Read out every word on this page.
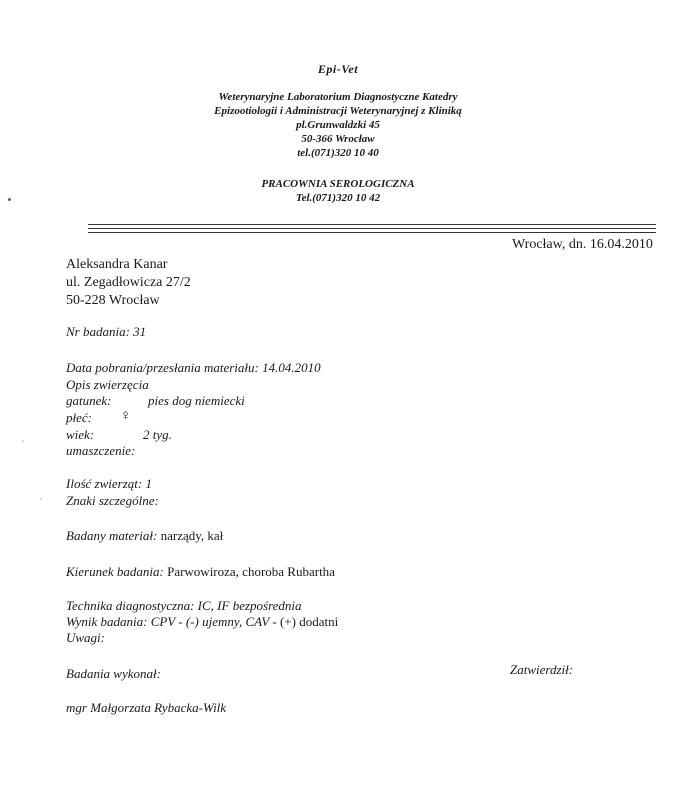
Epi-Vet
Weterynaryjne Laboratorium Diagnostyczne Katedry
Epizootiologii i Administracji Weterynaryjnej z Kliniką
pl.Grunwaldzki 45
50-366 Wrocław
tel.(071)320 10 40
PRACOWNIA SEROLOGICZNA
Tel.(071)320 10 42
Wrocław, dn. 16.04.2010
Aleksandra Kanar
ul. Zegadłowicza 27/2
50-228 Wrocław
Nr badania: 31
Data pobrania/przesłania materiału: 14.04.2010
Opis zwierzęcia
gatunek:	pies dog niemiecki
płeć: ♀
wiek:	2 tyg.
umaszczenie:
Ilość zwierząt: 1
Znaki szczególne:
Badany materiał: narządy, kał
Kierunek badania: Parwowiroza, choroba Rubartha
Technika diagnostyczna: IC, IF bezpośrednia
Wynik badania: CPV - (-) ujemny, CAV - (+) dodatni
Uwagi:
Badania wykonał:	Zatwierdził:
mgr Małgorzata Rybacka-Wilk
